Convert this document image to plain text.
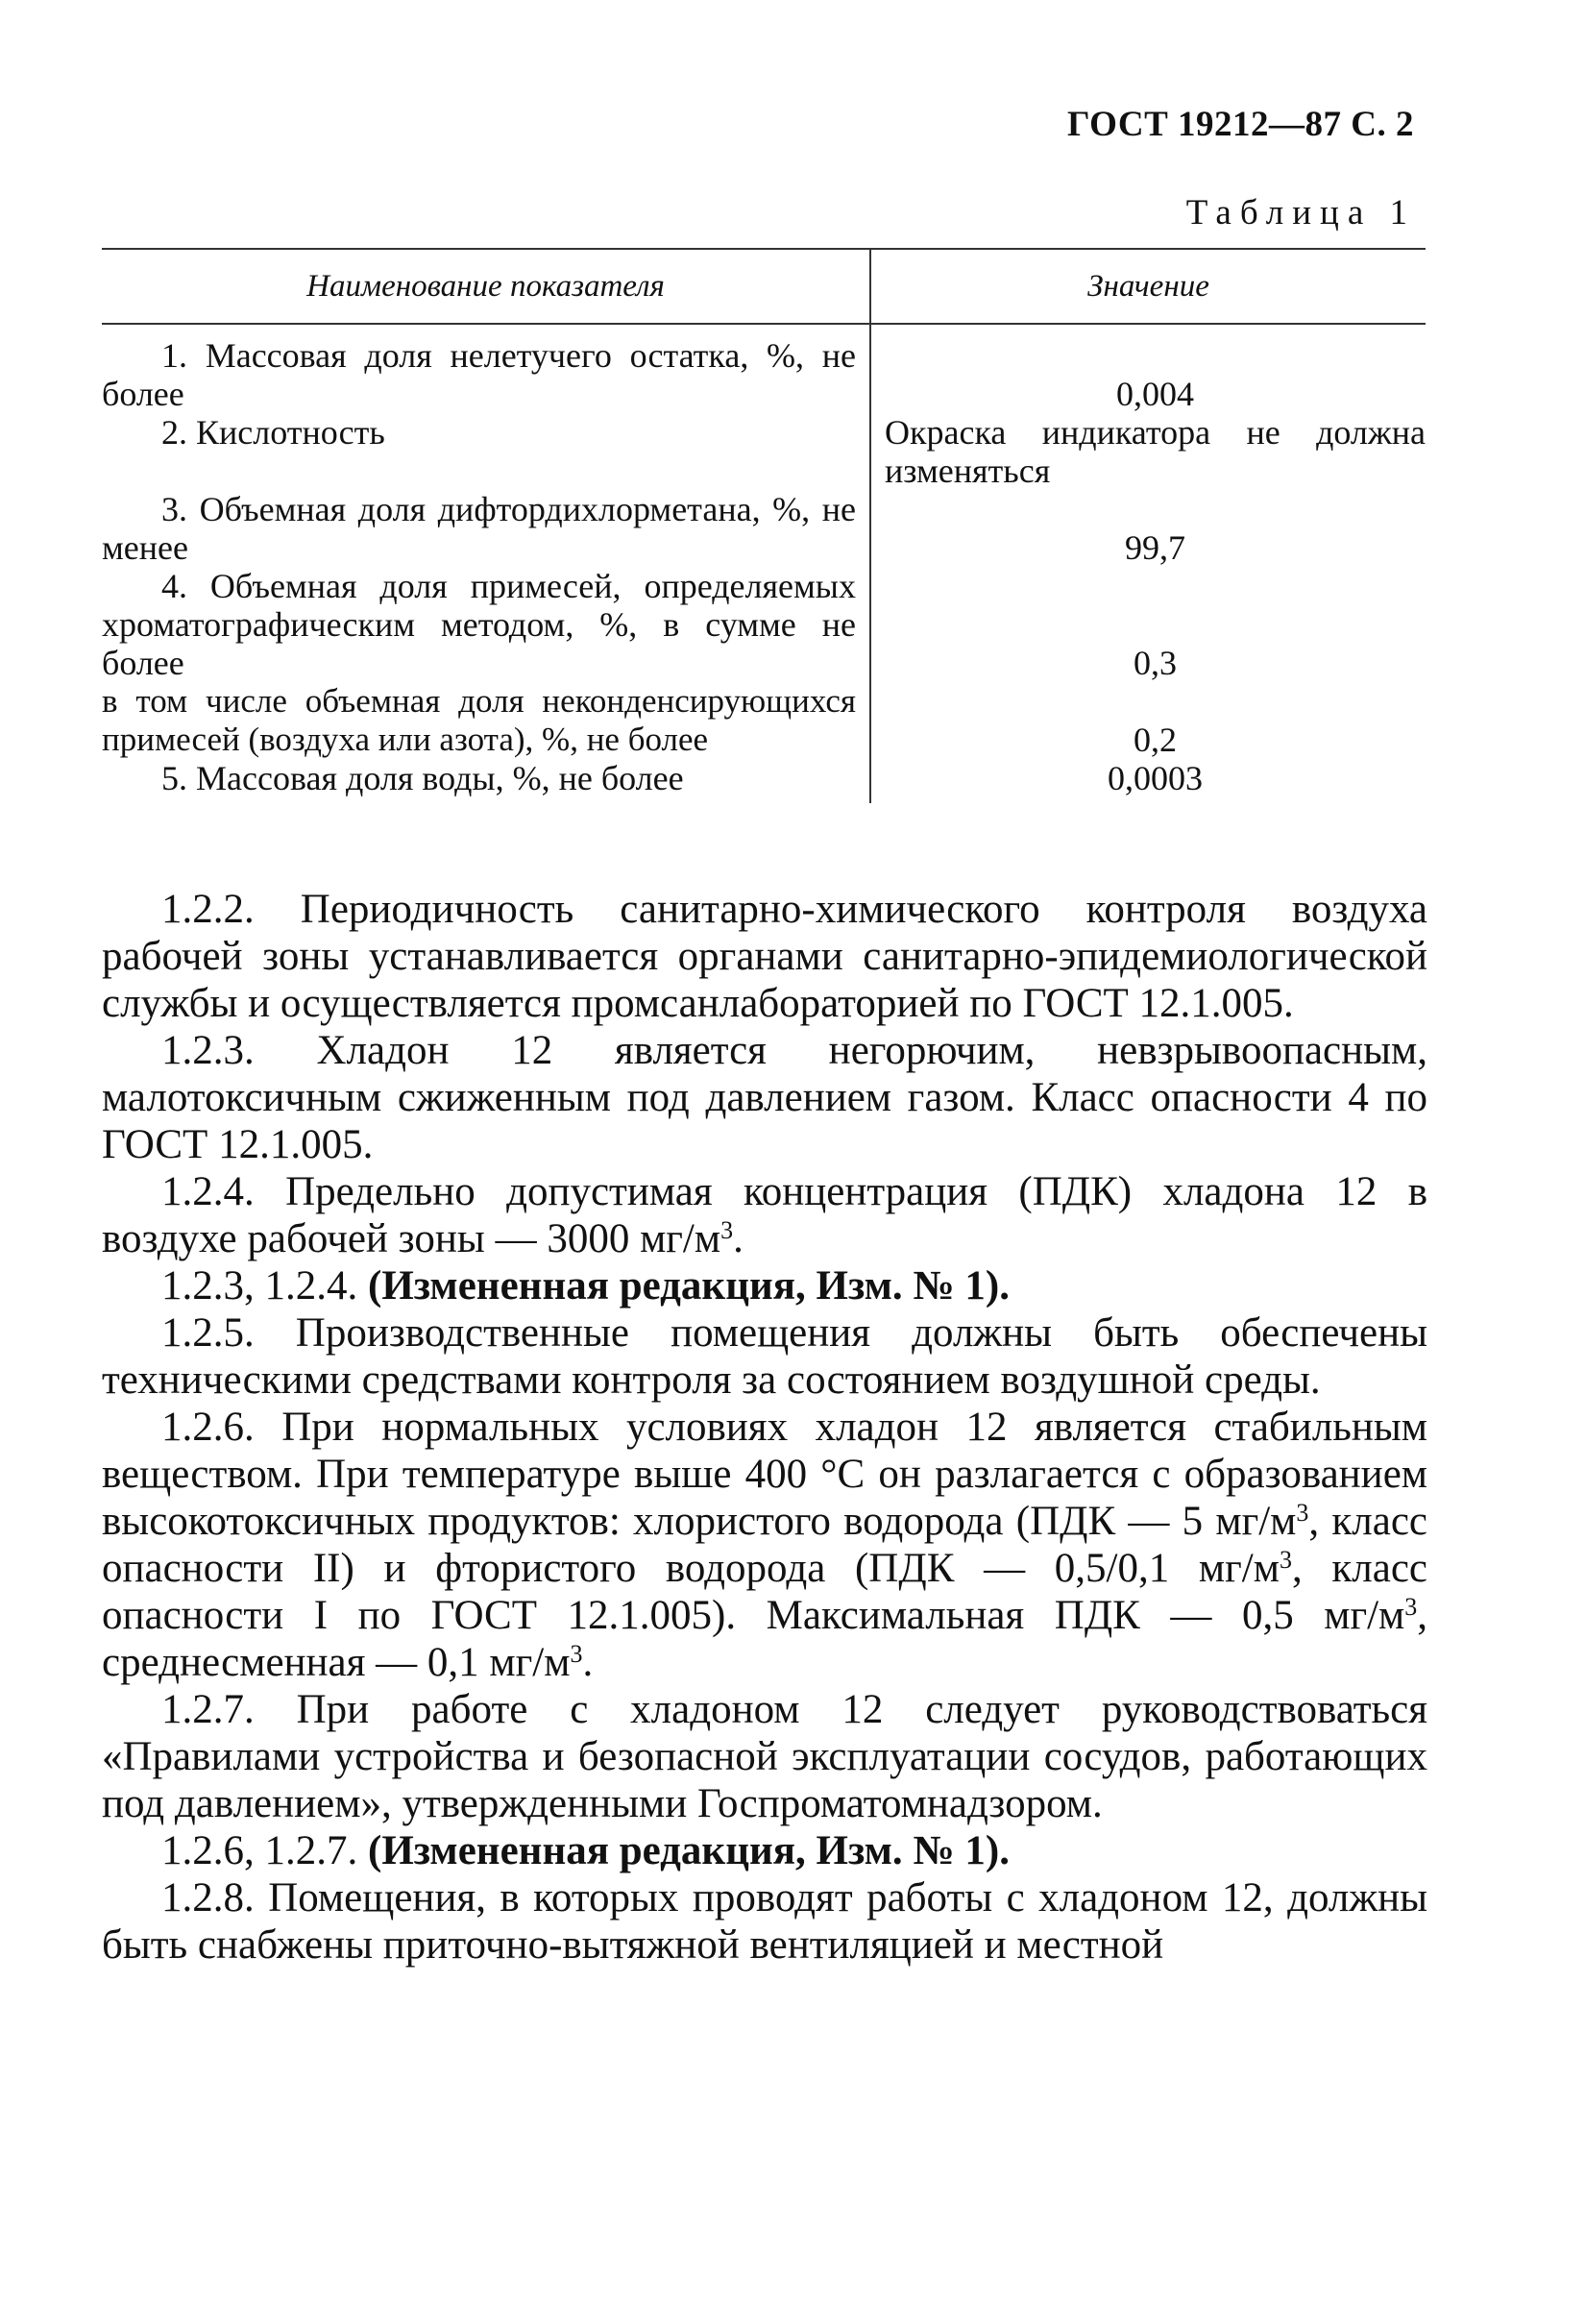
ГОСТ 19212—87 С. 2
Таблица 1
Наименование показателя	Значение
1. Массовая доля нелетучего остатка, %, не более	0,004
2. Кислотность	Окраска индикатора не должна изменяться
3. Объемная доля дифтордихлорметана, %, не менее	99,7
4. Объемная доля примесей, определяемых хроматографическим методом, %, в сумме не более	0,3
в том числе объемная доля неконденсирующихся примесей (воздуха или азота), %, не более	0,2
5. Массовая доля воды, %, не более	0,0003

1.2.2. Периодичность санитарно-химического контроля воздуха рабочей зоны устанавливается органами санитарно-эпидемиологической службы и осуществляется промсанлабораторией по ГОСТ 12.1.005.

1.2.3. Хладон 12 является негорючим, невзрывоопасным, малотоксичным сжиженным под давлением газом. Класс опасности 4 по ГОСТ 12.1.005.

1.2.4. Предельно допустимая концентрация (ПДК) хладона 12 в воздухе рабочей зоны — 3000 $мг/м^3$.

1.2.3, 1.2.4. (Измененная редакция, Изм. № 1).

1.2.5. Производственные помещения должны быть обеспечены техническими средствами контроля за состоянием воздушной среды.

1.2.6. При нормальных условиях хладон 12 является стабильным веществом. При температуре выше 400 °С он разлагается с образованием высокотоксичных продуктов: хлористого водорода (ПДК — 5 $мг/м^3$, класс опасности II) и фтористого водорода (ПДК — 0,5/0,1 $мг/м^3$, класс опасности I по ГОСТ 12.1.005). Максимальная ПДК — 0,5 $мг/м^3$, среднесменная — 0,1 $мг/м^3$.

1.2.7. При работе с хладоном 12 следует руководствоваться «Правилами устройства и безопасной эксплуатации сосудов, работающих под давлением», утвержденными Госпроматомнадзором.

1.2.6, 1.2.7. (Измененная редакция, Изм. № 1).

1.2.8. Помещения, в которых проводят работы с хладоном 12, должны быть снабжены приточно-вытяжной вентиляцией и местной
